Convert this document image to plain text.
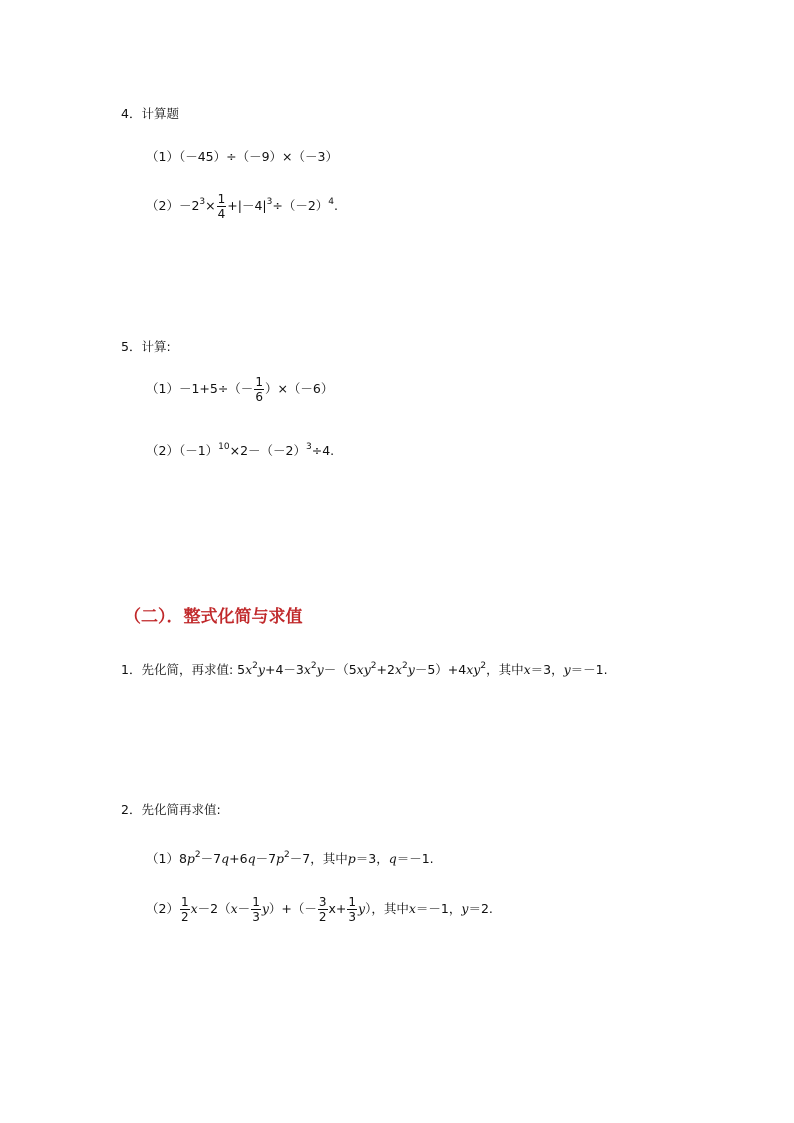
4．计算题
（1）（－45）÷（－9）×（－3）
$(2)-2^3\times \frac{1}{4} +|-4|^3\div(-2)^4$.
5．计算:
$(1)-1+5\div(- \frac{1}{6} )\times(-6)$
$(2)(-1)^{10}\times 2-(-2)^3\div 4$.
（二）．整式化简与求值
1．先化简，再求值: $5x^2y+4-3x^2y-(5xy^2+2x^2y-5)+4xy^2$，其中x＝3，y＝－1.
2．先化简再求值:
$(1)8p^2-7q+6q-7p^2-7$，其中p＝3，q＝－1.
$(2) \frac{1}{2} x-2(x- \frac{1}{3} y)+(- \frac{3}{2} x+ \frac{1}{3} y)$，其中x＝－1，y＝2.
